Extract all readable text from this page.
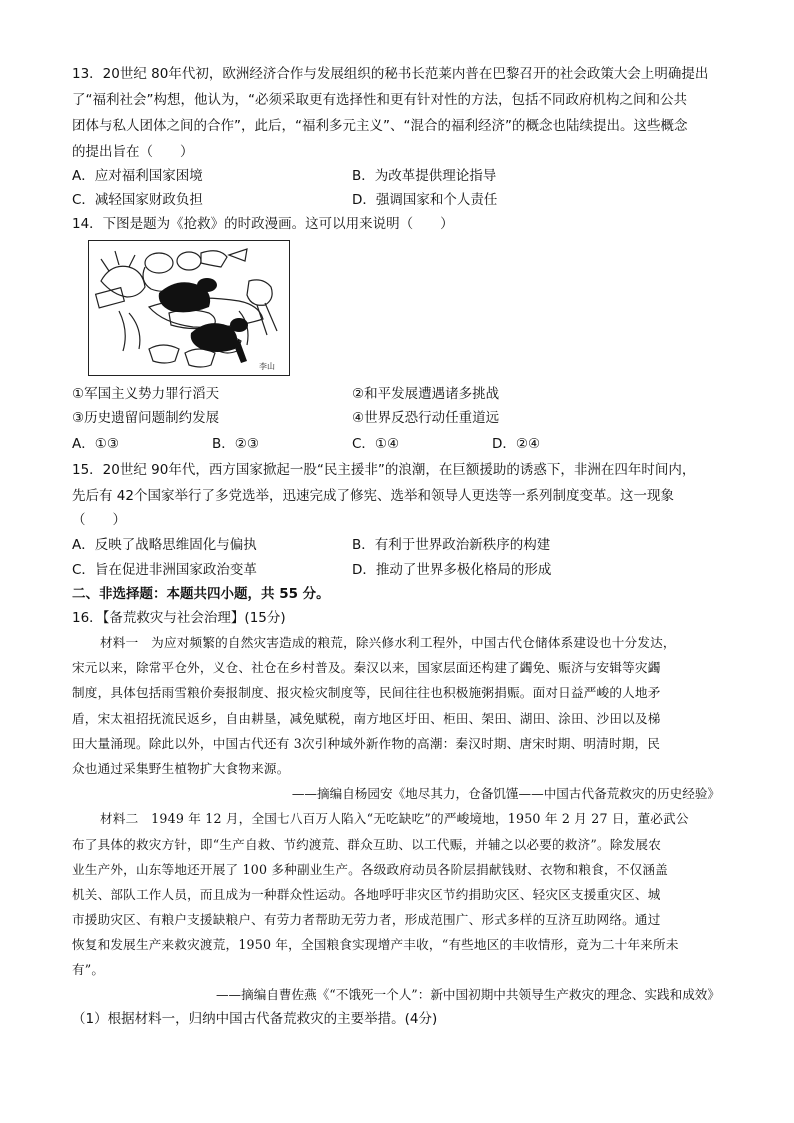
13．20世纪 80年代初，欧洲经济合作与发展组织的秘书长范莱内普在巴黎召开的社会政策大会上明确提出
了“福利社会”构想，他认为，“必须采取更有选择性和更有针对性的方法，包括不同政府机构之间和公共
团体与私人团体之间的合作”，此后，“福利多元主义”、“混合的福利经济”的概念也陆续提出。这些概念
的提出旨在（　　）
A．应对福利国家困境	B．为改革提供理论指导
C．减轻国家财政负担	D．强调国家和个人责任
14．下图是题为《抢救》的时政漫画。这可以用来说明（　　）
李山
①军国主义势力罪行滔天	②和平发展遭遇诸多挑战
③历史遗留问题制约发展	④世界反恐行动任重道远
A．①③	B．②③	C．①④	D．②④
15．20世纪 90年代，西方国家掀起一股“民主援非”的浪潮，在巨额援助的诱惑下，非洲在四年时间内，
先后有 42个国家举行了多党选举，迅速完成了修宪、选举和领导人更迭等一系列制度变革。这一现象
（　　）
A．反映了战略思维固化与偏执	B．有利于世界政治新秩序的构建
C．旨在促进非洲国家政治变革	D．推动了世界多极化格局的形成
二、非选择题：本题共四小题，共 55 分。
16．【备荒救灾与社会治理】(15分)
材料一　为应对频繁的自然灾害造成的粮荒，除兴修水利工程外，中国古代仓储体系建设也十分发达，
宋元以来，除常平仓外，义仓、社仓在乡村普及。秦汉以来，国家层面还构建了蠲免、赈济与安辑等灾蠲
制度，具体包括雨雪粮价奏报制度、报灾检灾制度等，民间往往也积极施粥捐赈。面对日益严峻的人地矛
盾，宋太祖招抚流民返乡，自由耕垦，减免赋税，南方地区圩田、柜田、架田、湖田、涂田、沙田以及梯
田大量涌现。除此以外，中国古代还有 3次引种域外新作物的高潮：秦汉时期、唐宋时期、明清时期，民
众也通过采集野生植物扩大食物来源。
——摘编自杨园安《地尽其力，仓备饥馑——中国古代备荒救灾的历史经验》
材料二　1949 年 12 月，全国七八百万人陷入“无吃缺吃”的严峻境地，1950 年 2 月 27 日，董必武公
布了具体的救灾方针，即“生产自救、节约渡荒、群众互助、以工代赈，并辅之以必要的救济”。除发展农
业生产外，山东等地还开展了 100 多种副业生产。各级政府动员各阶层捐献钱财、衣物和粮食，不仅涵盖
机关、部队工作人员，而且成为一种群众性运动。各地呼吁非灾区节约捐助灾区、轻灾区支援重灾区、城
市援助灾区、有粮户支援缺粮户、有劳力者帮助无劳力者，形成范围广、形式多样的互济互助网络。通过
恢复和发展生产来救灾渡荒，1950 年，全国粮食实现增产丰收，“有些地区的丰收情形，竟为二十年来所未
有”。
——摘编自曹佐燕《“不饿死一个人”：新中国初期中共领导生产救灾的理念、实践和成效》
（1）根据材料一，归纳中国古代备荒救灾的主要举措。(4分)
